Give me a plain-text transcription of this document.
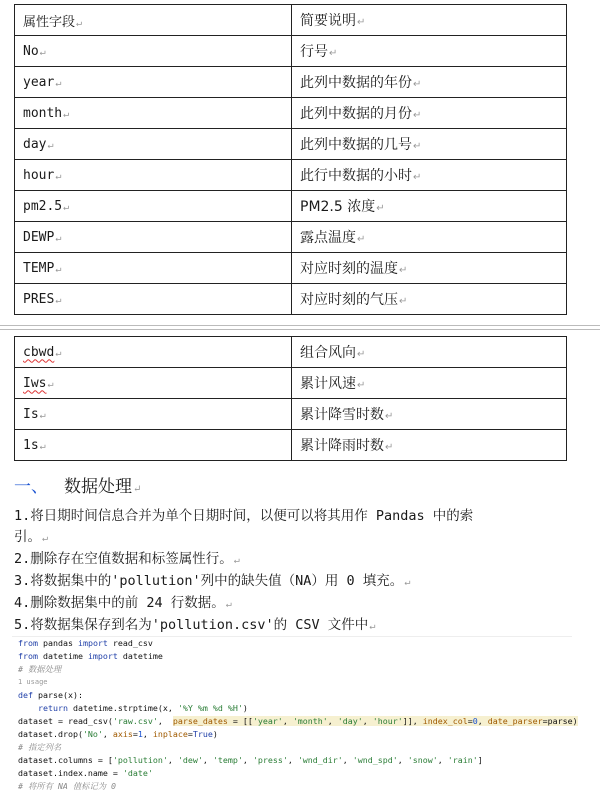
属性字段↵	简要说明↵
No↵	行号↵
year↵	此列中数据的年份↵
month↵	此列中数据的月份↵
day↵	此列中数据的几号↵
hour↵	此行中数据的小时↵
pm2.5↵	PM2.5 浓度↵
DEWP↵	露点温度↵
TEMP↵	对应时刻的温度↵
PRES↵	对应时刻的气压↵
cbwd↵	组合风向↵
Iws↵	累计风速↵
Is↵	累计降雪时数↵
1s↵	累计降雨时数↵
一、 数据处理↵
1.将日期时间信息合并为单个日期时间，以便可以将其用作 Pandas 中的索
引。↵
2.删除存在空值数据和标签属性行。↵
3.将数据集中的'pollution'列中的缺失值（NA）用 0 填充。↵
4.删除数据集中的前 24 行数据。↵
5.将数据集保存到名为'pollution.csv'的 CSV 文件中↵
from pandas import read_csv
from datetime import datetime
# 数据处理
1 usage
def parse(x):
return datetime.strptime(x, '%Y %m %d %H')
dataset = read_csv('raw.csv',  parse_dates = [['year', 'month', 'day', 'hour']], index_col=0, date_parser=parse)
dataset.drop('No', axis=1, inplace=True)
# 指定列名
dataset.columns = ['pollution', 'dew', 'temp', 'press', 'wnd_dir', 'wnd_spd', 'snow', 'rain']
dataset.index.name = 'date'
# 将所有 NA 值标记为 0
